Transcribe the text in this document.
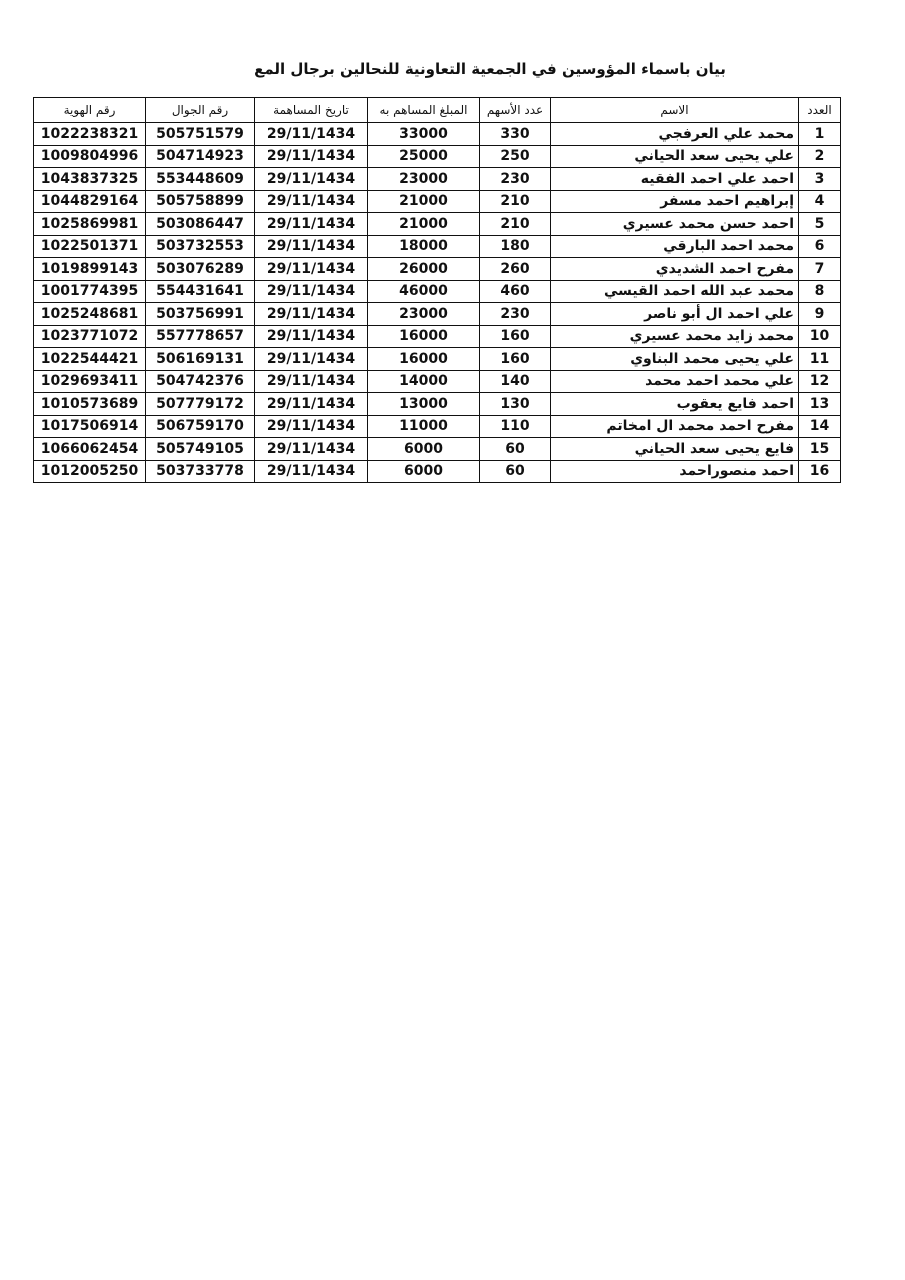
بيان باسماء المؤوسين في الجمعية التعاونية للنحالين برجال المع
العدد	الاسم	عدد الأسهم	المبلغ المساهم به	تاريخ المساهمة	رقم الجوال	رقم الهوية
1	محمد علي العرفجي	330	33000	29/11/1434	505751579	1022238321
2	علي يحيى سعد الحياني	250	25000	29/11/1434	504714923	1009804996
3	احمد علي احمد الفقيه	230	23000	29/11/1434	553448609	1043837325
4	إبراهيم احمد مسفر	210	21000	29/11/1434	505758899	1044829164
5	احمد حسن محمد عسيري	210	21000	29/11/1434	503086447	1025869981
6	محمد احمد البارقي	180	18000	29/11/1434	503732553	1022501371
7	مفرح احمد الشديدي	260	26000	29/11/1434	503076289	1019899143
8	محمد عبد الله احمد القيسي	460	46000	29/11/1434	554431641	1001774395
9	علي احمد ال أبو ناصر	230	23000	29/11/1434	503756991	1025248681
10	محمد زايد محمد عسيري	160	16000	29/11/1434	557778657	1023771072
11	علي يحيى محمد البناوي	160	16000	29/11/1434	506169131	1022544421
12	علي محمد احمد محمد	140	14000	29/11/1434	504742376	1029693411
13	احمد فايع يعقوب	130	13000	29/11/1434	507779172	1010573689
14	مفرح احمد محمد ال امخاتم	110	11000	29/11/1434	506759170	1017506914
15	فايع يحيى سعد الحياني	60	6000	29/11/1434	505749105	1066062454
16	احمد منصوراحمد	60	6000	29/11/1434	503733778	1012005250
